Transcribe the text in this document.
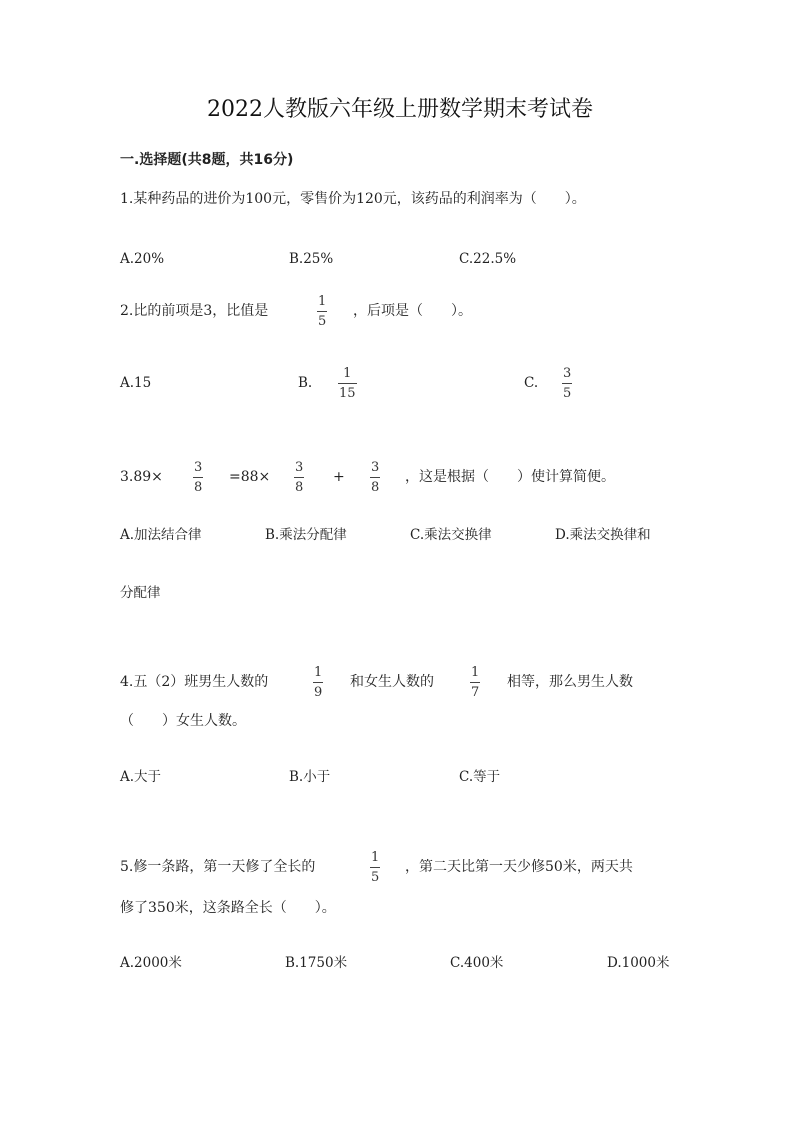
2022人教版六年级上册数学期末考试卷
一.选择题(共8题，共16分)
1.某种药品的进价为100元，零售价为120元，该药品的利润率为（　　）。
A.20%	B.25%	C.22.5%
2.比的前项是3，比值是
1
5
，后项是（　　）。
A.15	B.
1
15
C.
3
5
3.89×
3
8
=88×
3
8
+
3
8
，这是根据（　　）使计算简便。
A.加法结合律	B.乘法分配律	C.乘法交换律	D.乘法交换律和
分配律
4.五（2）班男生人数的
1
9
和女生人数的
1
7
相等，那么男生人数
（　　）女生人数。
A.大于	B.小于	C.等于
5.修一条路，第一天修了全长的
1
5
，第二天比第一天少修50米，两天共
修了350米，这条路全长（　　）。
A.2000米	B.1750米	C.400米	D.1000米
